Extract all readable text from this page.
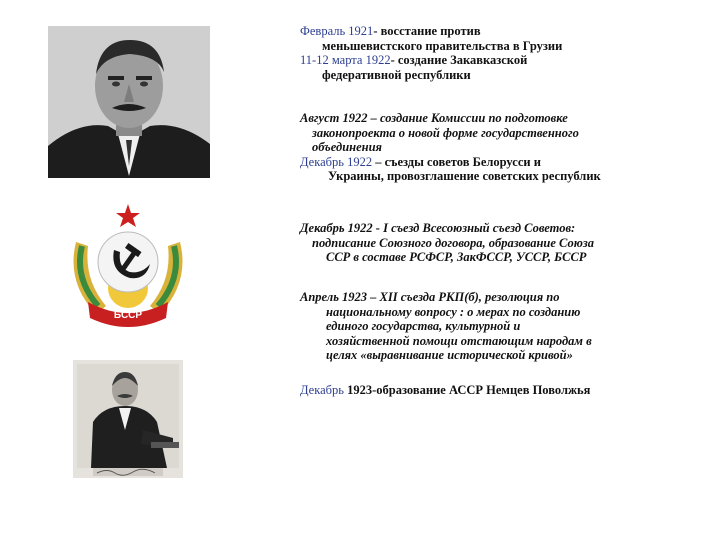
БССР
Февраль 1921- восстание против
меньшевистского правительства в Грузии
11-12 марта 1922- создание Закавказской
федеративной республики
Август 1922 – создание Комиссии по подготовке
законопроекта о новой форме государственного
объединения
Декабрь 1922 – съезды советов Белорусси и
Украины, провозглашение советских республик
Декабрь 1922 - I съезд Всесоюзный съезд Советов:
подписание Союзного договора, образование Союза
ССР в составе РСФСР, ЗакФССР, УССР, БССР
Апрель 1923 – XII съезда РКП(б), резолюция по
национальному вопросу : о мерах по созданию
единого государства, культурной и
хозяйственной помощи отстающим народам в
целях «выравнивание исторической кривой»
Декабрь 1923-образование АССР Немцев Поволжья
